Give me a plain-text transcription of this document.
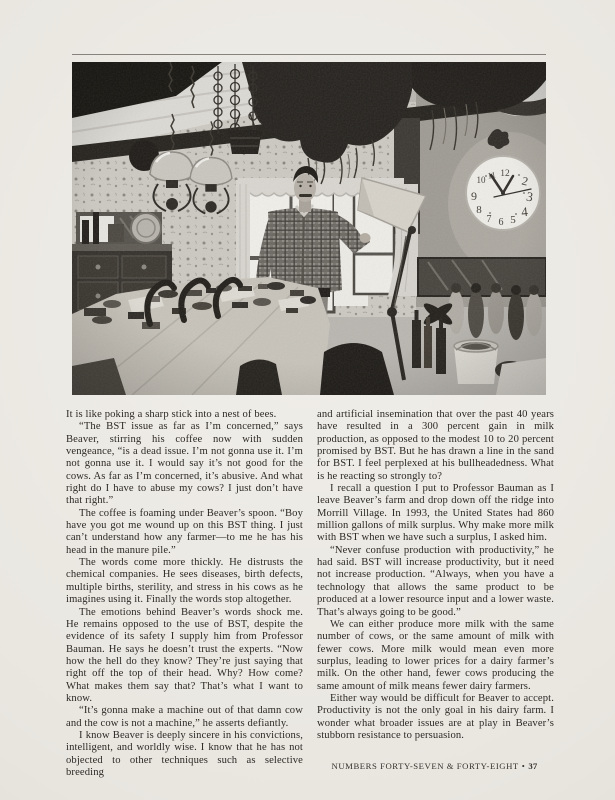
It is like poking a sharp stick into a nest of bees.

“The BST issue as far as I’m concerned,” says Beaver, stirring his coffee now with sudden vengeance, “is a dead issue. I’m not gonna use it. I’m not gonna use it. I would say it’s not good for the cows. As far as I’m concerned, it’s abusive. And what right do I have to abuse my cows? I just don’t have that right.”

The coffee is foaming under Beaver’s spoon. “Boy have you got me wound up on this BST thing. I just can’t understand how any farmer—to me he has his head in the manure pile.”

The words come more thickly. He distrusts the chemical companies. He sees diseases, birth defects, multiple births, sterility, and stress in his cows as he imagines using it. Finally the words stop altogether.

The emotions behind Beaver’s words shock me. He remains opposed to the use of BST, despite the evidence of its safety I supply him from Professor Bauman. He says he doesn’t trust the experts. “Now how the hell do they know? They’re just saying that right off the top of their head. Why? How come? What makes them say that? That’s what I want to know.

“It’s gonna make a machine out of that damn cow and the cow is not a machine,” he asserts defiantly.

I know Beaver is deeply sincere in his convictions, intelligent, and worldly wise. I know that he has not objected to other techniques such as selective breeding

and artificial insemination that over the past 40 years have resulted in a 300 percent gain in milk production, as opposed to the modest 10 to 20 percent promised by BST. But he has drawn a line in the sand for BST. I feel perplexed at his bullheadedness. What is he reacting so strongly to?

I recall a question I put to Professor Bauman as I leave Beaver’s farm and drop down off the ridge into Morrill Village. In 1993, the United States had 860 million gallons of milk surplus. Why make more milk with BST when we have such a surplus, I asked him.

“Never confuse production with productivity,” he had said. BST will increase productivity, but it need not increase production. “Always, when you have a technology that allows the same product to be produced at a lower resource input and a lower waste. That’s always going to be good.”

We can either produce more milk with the same number of cows, or the same amount of milk with fewer cows. More milk would mean even more surplus, leading to lower prices for a dairy farmer’s milk. On the other hand, fewer cows producing the same amount of milk means fewer dairy farmers.

Either way would be difficult for Beaver to accept. Productivity is not the only goal in his dairy farm. I wonder what broader issues are at play in Beaver’s stubborn resistance to persuasion.

NUMBERS FORTY-SEVEN & FORTY-EIGHT • 37
